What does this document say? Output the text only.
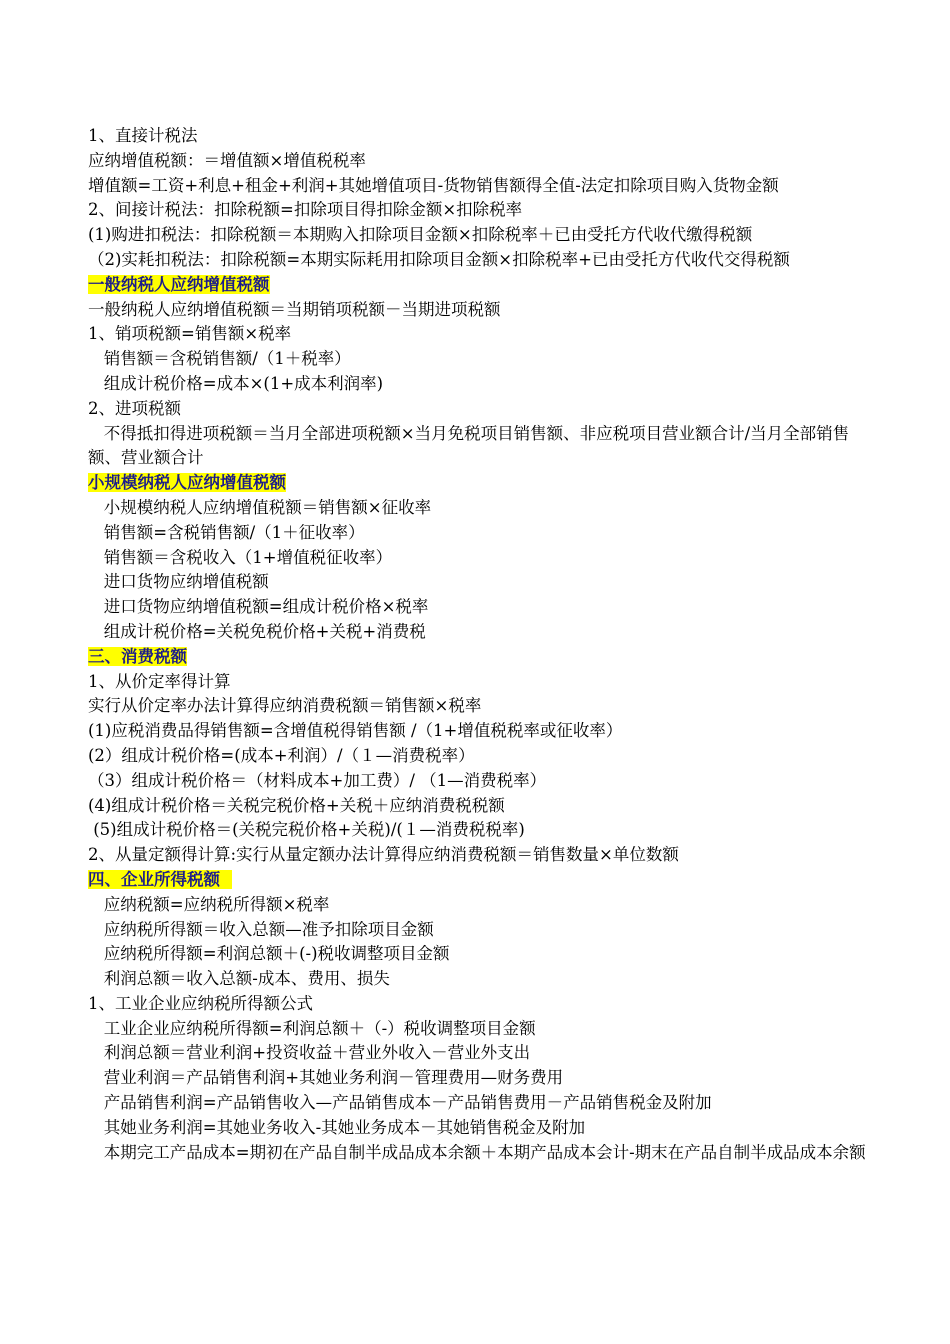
1、直接计税法
应纳增值税额：＝增值额×增值税税率
增值额=工资+利息+租金+利润+其她增值项目-货物销售额得全值-法定扣除项目购入货物金额
2、间接计税法：扣除税额=扣除项目得扣除金额×扣除税率
(1)购进扣税法：扣除税额＝本期购入扣除项目金额×扣除税率＋已由受托方代收代缴得税额
（2)实耗扣税法：扣除税额=本期实际耗用扣除项目金额×扣除税率+已由受托方代收代交得税额
一般纳税人应纳增值税额
一般纳税人应纳增值税额＝当期销项税额－当期进项税额
1、销项税额=销售额×税率
销售额＝含税销售额/（1＋税率）
组成计税价格=成本×(1+成本利润率)
2、进项税额
不得抵扣得进项税额＝当月全部进项税额×当月免税项目销售额、非应税项目营业额合计/当月全部销售额、营业额合计
小规模纳税人应纳增值税额
小规模纳税人应纳增值税额＝销售额×征收率
销售额=含税销售额/（1＋征收率）
销售额＝含税收入（1+增值税征收率）
进口货物应纳增值税额
进口货物应纳增值税额=组成计税价格×税率
组成计税价格=关税免税价格+关税+消费税
三、消费税额
1、从价定率得计算
实行从价定率办法计算得应纳消费税额＝销售额×税率
(1)应税消费品得销售额=含增值税得销售额 /（1+增值税税率或征收率）
(2）组成计税价格=(成本+利润）/（１—消费税率）
（3）组成计税价格＝（材料成本+加工费）/ （1—消费税率）
(4)组成计税价格＝关税完税价格+关税＋应纳消费税税额
(5)组成计税价格＝(关税完税价格+关税)/(１—消费税税率)
2、从量定额得计算:实行从量定额办法计算得应纳消费税额＝销售数量×单位数额
四、企业所得税额
应纳税额=应纳税所得额×税率
应纳税所得额＝收入总额—准予扣除项目金额
应纳税所得额=利润总额＋(-)税收调整项目金额
利润总额＝收入总额-成本、费用、损失
1、工业企业应纳税所得额公式
工业企业应纳税所得额=利润总额＋（-）税收调整项目金额
利润总额＝营业利润+投资收益＋营业外收入－营业外支出
营业利润＝产品销售利润+其她业务利润－管理费用—财务费用
产品销售利润=产品销售收入—产品销售成本－产品销售费用－产品销售税金及附加
其她业务利润=其她业务收入-其她业务成本－其她销售税金及附加
本期完工产品成本=期初在产品自制半成品成本余额＋本期产品成本会计-期末在产品自制半成品成本余额
